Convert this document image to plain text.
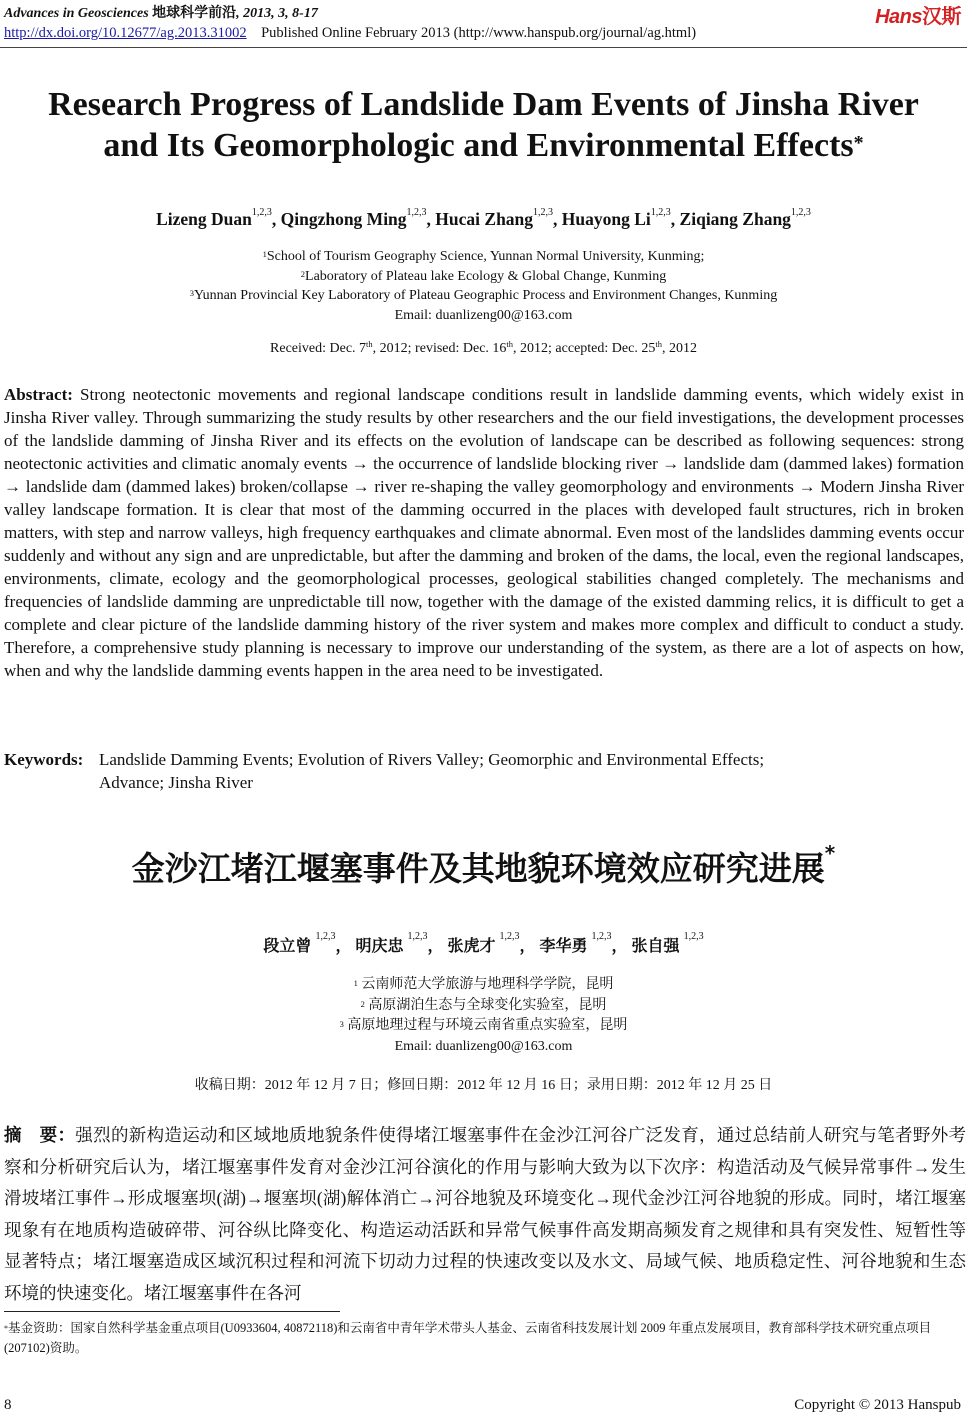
Advances in Geosciences 地球科学前沿, 2013, 3, 8-17
http://dx.doi.org/10.12677/ag.2013.31002 Published Online February 2013 (http://www.hanspub.org/journal/ag.html)
Hans汉斯
Research Progress of Landslide Dam Events of Jinsha River
and Its Geomorphologic and Environmental Effects*
Lizeng Duan$^{1,2,3}$, Qingzhong Ming$^{1,2,3}$, Hucai Zhang$^{1,2,3}$, Huayong Li$^{1,2,3}$, Ziqiang Zhang$^{1,2,3}$
$^1$School of Tourism Geography Science, Yunnan Normal University, Kunming;
$^2$Laboratory of Plateau lake Ecology & Global Change, Kunming
$^3$Yunnan Provincial Key Laboratory of Plateau Geographic Process and Environment Changes, Kunming
Email: duanlizeng00@163.com
Received: Dec. 7th, 2012; revised: Dec. 16th, 2012; accepted: Dec. 25th, 2012
Abstract: Strong neotectonic movements and regional landscape conditions result in landslide damming events, which widely exist in Jinsha River valley. Through summarizing the study results by other researchers and the our field investigations, the development processes of the landslide damming of Jinsha River and its effects on the evolution of landscape can be described as following sequences: strong neotectonic activities and climatic anomaly events → the occurrence of landslide blocking river → landslide dam (dammed lakes) formation → landslide dam (dammed lakes) broken/collapse → river re-shaping the valley geomorphology and environments → Modern Jinsha River valley landscape formation. It is clear that most of the damming occurred in the places with developed fault structures, rich in broken matters, with step and narrow valleys, high frequency earthquakes and climate abnormal. Even most of the landslides damming events occur suddenly and without any sign and are unpredictable, but after the damming and broken of the dams, the local, even the regional landscapes, environments, climate, ecology and the geomorphological processes, geological stabilities changed completely. The mechanisms and frequencies of landslide damming are unpredictable till now, together with the damage of the existed damming relics, it is difficult to get a complete and clear picture of the landslide damming history of the river system and makes more complex and difficult to conduct a study. Therefore, a comprehensive study planning is necessary to improve our understanding of the system, as there are a lot of aspects on how, when and why the landslide damming events happen in the area need to be investigated.
Keywords: Landslide Damming Events; Evolution of Rivers Valley; Geomorphic and Environmental Effects;
Advance; Jinsha River
金沙江堵江堰塞事件及其地貌环境效应研究进展*
段立曾 $^{1,2,3}$， 明庆忠 $^{1,2,3}$， 张虎才 $^{1,2,3}$， 李华勇 $^{1,2,3}$， 张自强 $^{1,2,3}$
$^1$ 云南师范大学旅游与地理科学学院，昆明
$^2$ 高原湖泊生态与全球变化实验室，昆明
$^3$ 高原地理过程与环境云南省重点实验室，昆明
Email: duanlizeng00@163.com
收稿日期：2012 年 12 月 7 日；修回日期：2012 年 12 月 16 日；录用日期：2012 年 12 月 25 日
摘　要：强烈的新构造运动和区域地质地貌条件使得堵江堰塞事件在金沙江河谷广泛发育，通过总结前人研究与笔者野外考察和分析研究后认为，堵江堰塞事件发育对金沙江河谷演化的作用与影响大致为以下次序：构造活动及气候异常事件→发生滑坡堵江事件→形成堰塞坝(湖)→堰塞坝(湖)解体消亡→河谷地貌及环境变化→现代金沙江河谷地貌的形成。同时，堵江堰塞现象有在地质构造破碎带、河谷纵比降变化、构造运动活跃和异常气候事件高发期高频发育之规律和具有突发性、短暂性等显著特点；堵江堰塞造成区域沉积过程和河流下切动力过程的快速改变以及水文、局域气候、地质稳定性、河谷地貌和生态环境的快速变化。堵江堰塞事件在各河
*基金资助：国家自然科学基金重点项目(U0933604, 40872118)和云南省中青年学术带头人基金、云南省科技发展计划 2009 年重点发展项目，教育部科学技术研究重点项目(207102)资助。
8	Copyright © 2013 Hanspub
